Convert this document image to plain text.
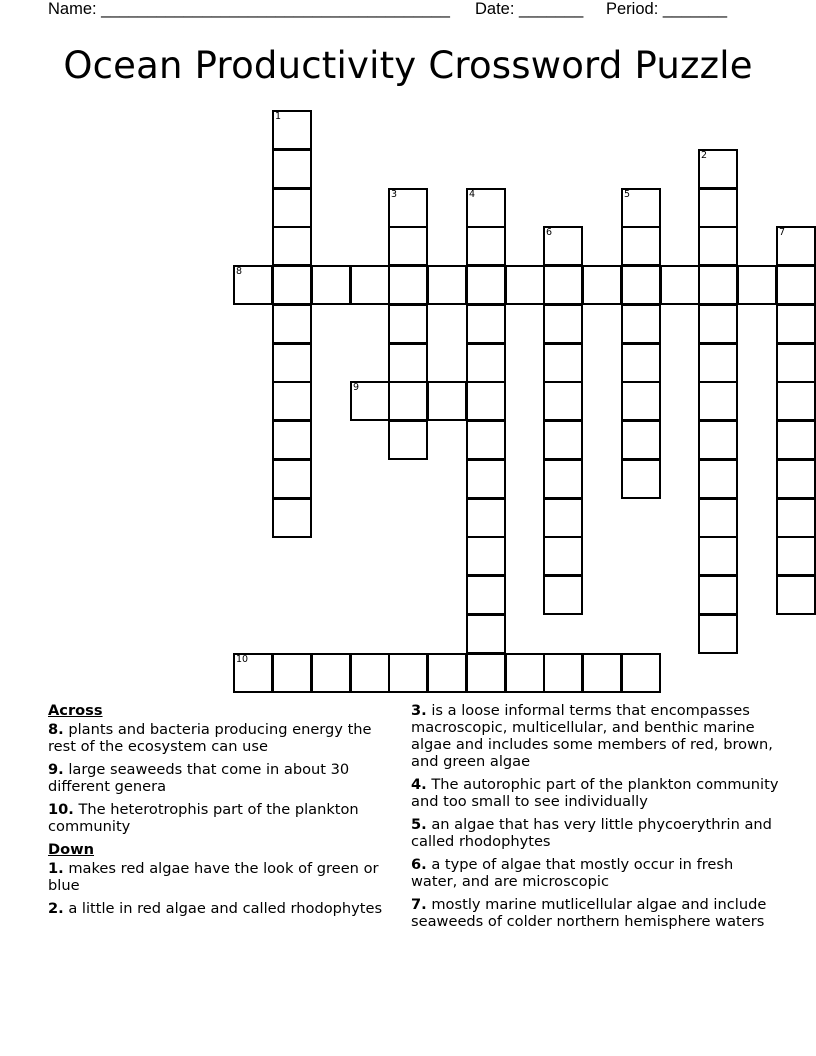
Name: ______________________________________

Date: _______

Period: _______

Ocean Productivity Crossword Puzzle
1
2
3	4	5
6	7
8
9
10
Across
8. plants and bacteria producing energy the rest of the ecosystem can use
9. large seaweeds that come in about 30 different genera
10. The heterotrophis part of the plankton community
Down
1. makes red algae have the look of green or blue
2. a little in red algae and called rhodophytes
3. is a loose informal terms that encompasses macroscopic, multicellular, and benthic marine algae and includes some members of red, brown, and green algae
4. The autorophic part of the plankton community and too small to see individually
5. an algae that has very little phycoerythrin and called rhodophytes
6. a type of algae that mostly occur in fresh water, and are microscopic
7. mostly marine mutlicellular algae and include seaweeds of colder northern hemisphere waters
